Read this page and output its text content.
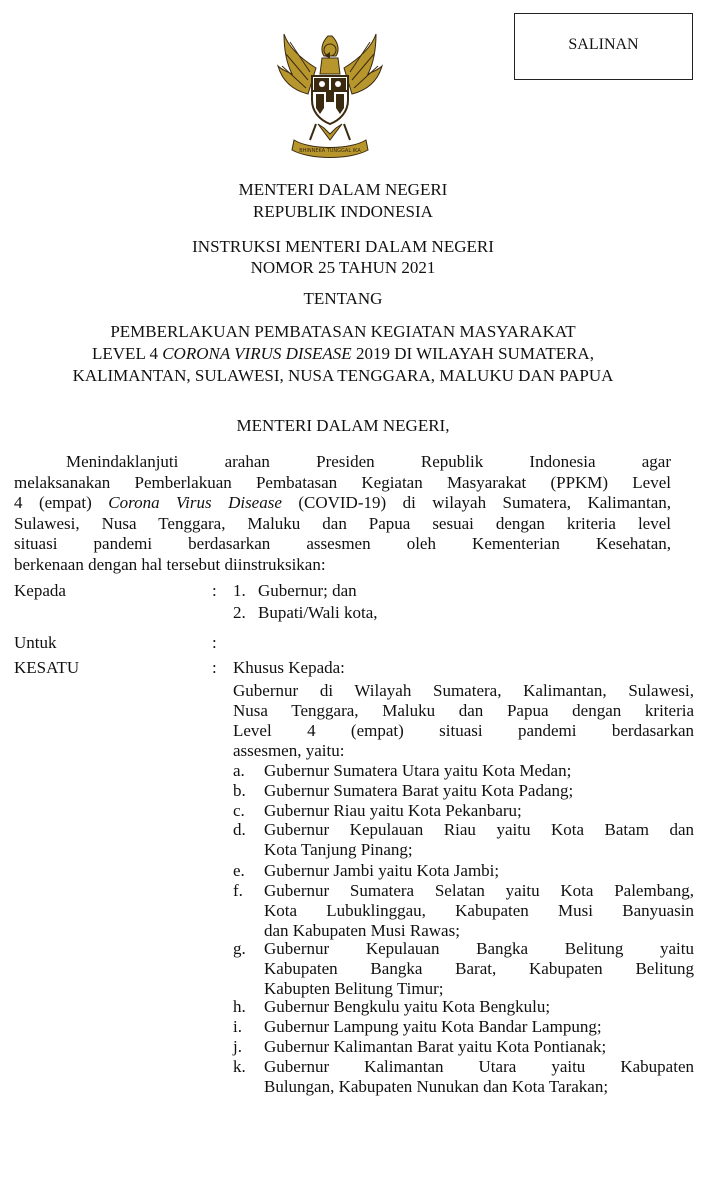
SALINAN
BHINNEKA TUNGGAL IKA
MENTERI DALAM NEGERI
REPUBLIK INDONESIA
INSTRUKSI MENTERI DALAM NEGERI
NOMOR 25 TAHUN 2021
TENTANG
PEMBERLAKUAN PEMBATASAN KEGIATAN MASYARAKAT
LEVEL 4 CORONA VIRUS DISEASE 2019 DI WILAYAH SUMATERA,
KALIMANTAN, SULAWESI, NUSA TENGGARA, MALUKU DAN PAPUA
MENTERI DALAM NEGERI,
Menindaklanjuti arahan Presiden Republik Indonesia agar
melaksanakan Pemberlakuan Pembatasan Kegiatan Masyarakat (PPKM) Level
4 (empat) Corona Virus Disease (COVID-19) di wilayah Sumatera, Kalimantan,
Sulawesi, Nusa Tenggara, Maluku dan Papua sesuai dengan kriteria level
situasi pandemi berdasarkan assesmen oleh Kementerian Kesehatan,
berkenaan dengan hal tersebut diinstruksikan:
Kepada	: 1. Gubernur; dan
2. Bupati/Wali kota,
Untuk	:
KESATU	: Khusus Kepada:
Gubernur di Wilayah Sumatera, Kalimantan, Sulawesi,
Nusa Tenggara, Maluku dan Papua dengan kriteria
Level 4 (empat) situasi pandemi berdasarkan
assesmen, yaitu:
a. Gubernur Sumatera Utara yaitu Kota Medan;
b. Gubernur Sumatera Barat yaitu Kota Padang;
c. Gubernur Riau yaitu Kota Pekanbaru;
d. Gubernur Kepulauan Riau yaitu Kota Batam dan
Kota Tanjung Pinang;
e. Gubernur Jambi yaitu Kota Jambi;
f. Gubernur Sumatera Selatan yaitu Kota Palembang,
Kota Lubuklinggau, Kabupaten Musi Banyuasin
dan Kabupaten Musi Rawas;
g. Gubernur Kepulauan Bangka Belitung yaitu
Kabupaten Bangka Barat, Kabupaten Belitung
Kabupten Belitung Timur;
h. Gubernur Bengkulu yaitu Kota Bengkulu;
i. Gubernur Lampung yaitu Kota Bandar Lampung;
j. Gubernur Kalimantan Barat yaitu Kota Pontianak;
k. Gubernur Kalimantan Utara yaitu Kabupaten
Bulungan, Kabupaten Nunukan dan Kota Tarakan;
